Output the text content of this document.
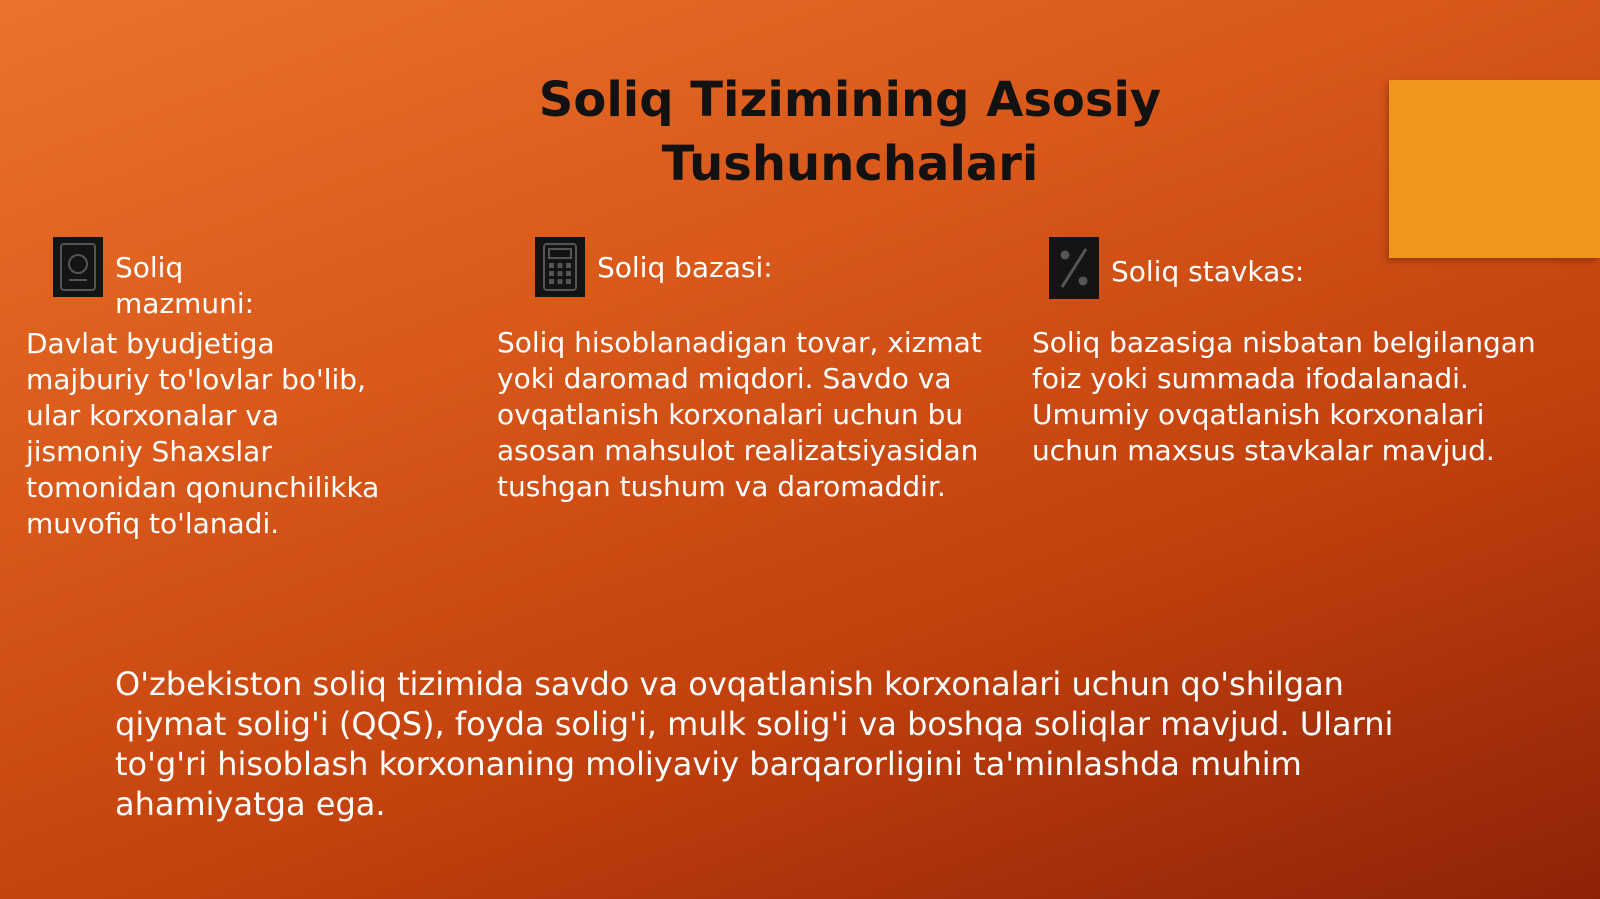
Soliq Tizimining Asosiy Tushunchalari
Soliq mazmuni:

Davlat byudjetiga majburiy to'lovlar bo'lib, ular korxonalar va jismoniy Shaxslar tomonidan qonunchilikka muvofiq to'lanadi.

Soliq bazasi:

Soliq hisoblanadigan tovar, xizmat yoki daromad miqdori. Savdo va ovqatlanish korxonalari uchun bu asosan mahsulot realizatsiyasidan tushgan tushum va daromaddir.

Soliq stavkas:

Soliq bazasiga nisbatan belgilangan foiz yoki summada ifodalanadi. Umumiy ovqatlanish korxonalari uchun maxsus stavkalar mavjud.

O'zbekiston soliq tizimida savdo va ovqatlanish korxonalari uchun qo'shilgan qiymat solig'i (QQS), foyda solig'i, mulk solig'i va boshqa soliqlar mavjud. Ularni to'g'ri hisoblash korxonaning moliyaviy barqarorligini ta'minlashda muhim ahamiyatga ega.
